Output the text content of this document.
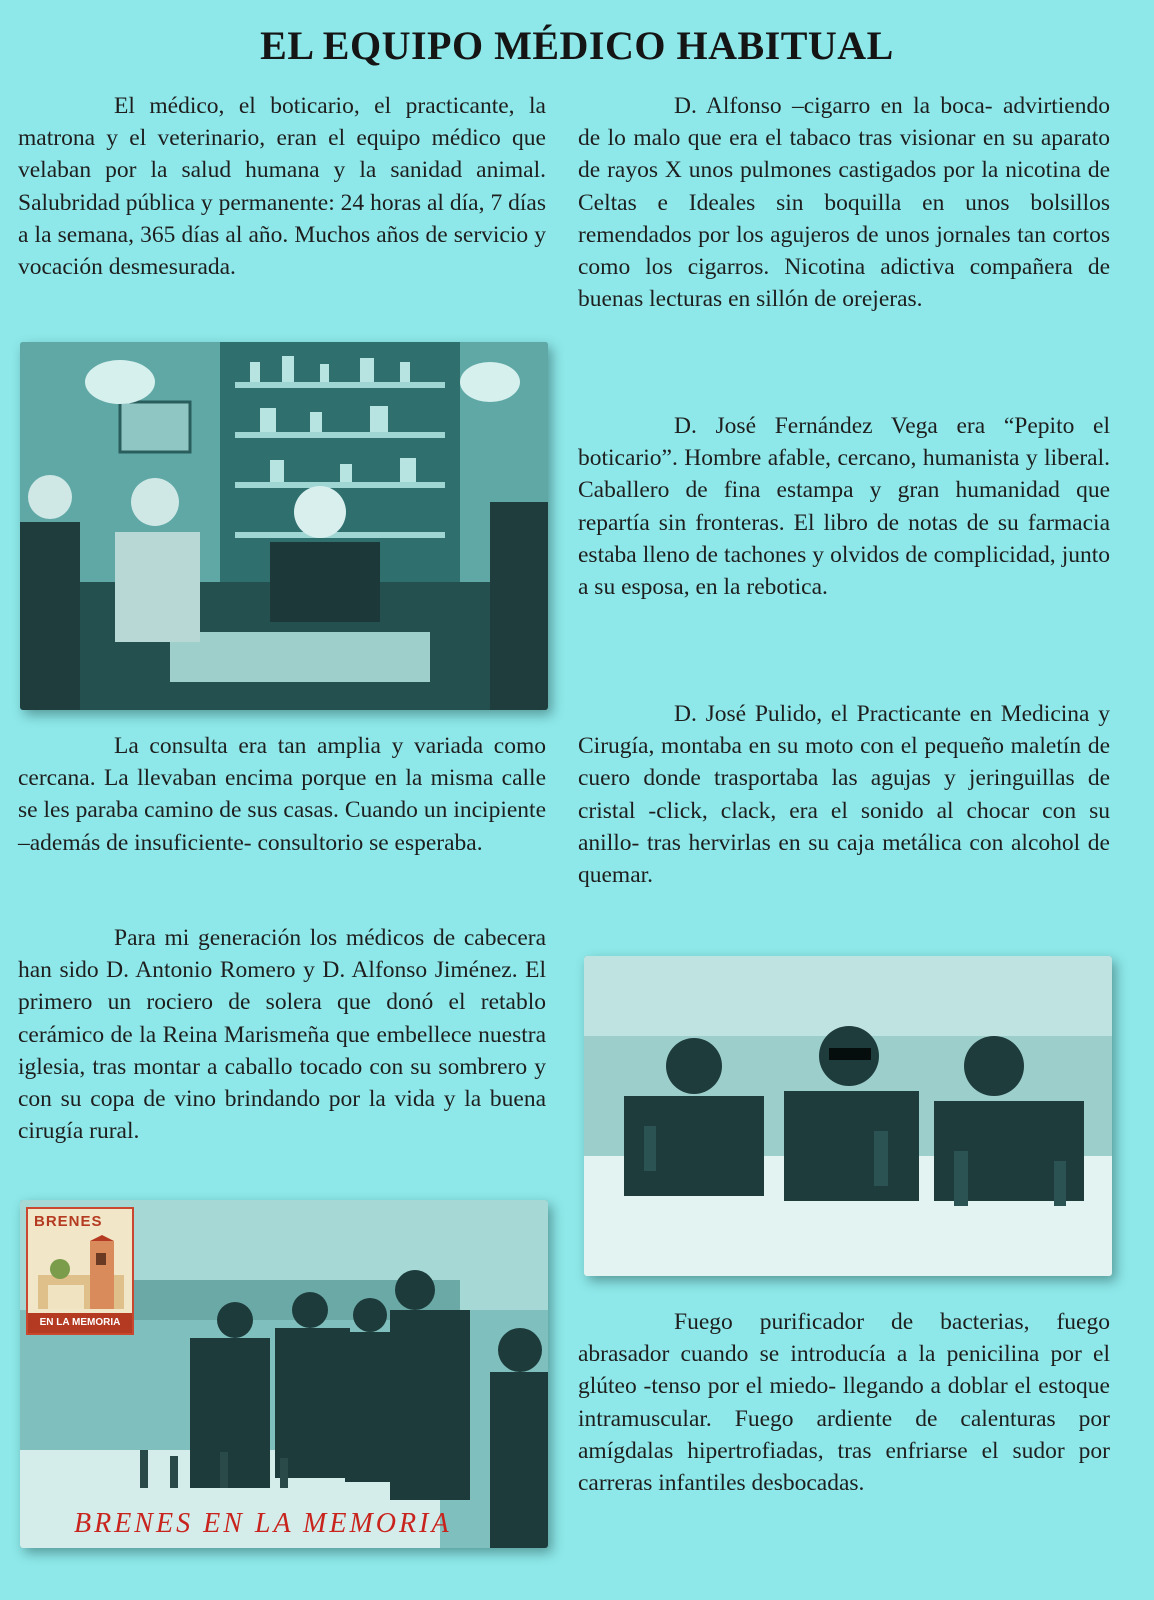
EL EQUIPO MÉDICO HABITUAL

El médico, el boticario, el practicante, la matrona y el veterinario, eran el equipo médico que velaban por la salud humana y la sanidad animal. Salubridad pública y permanente: 24 horas al día, 7 días a la semana, 365 días al año. Muchos años de servicio y vocación desmesurada.

La consulta era tan amplia y variada como cercana. La llevaban encima porque en la misma calle se les paraba camino de sus casas. Cuando un incipiente –además de insuficiente- consultorio se esperaba.

Para mi generación los médicos de cabecera han sido D. Antonio Romero y D. Alfonso Jiménez. El primero un rociero de solera que donó el retablo cerámico de la Reina Marismeña que embellece nuestra iglesia, tras montar a caballo tocado con su sombrero y con su copa de vino brindando por la vida y la buena cirugía rural.

BRENES
EN LA MEMORIA
BRENES EN LA MEMORIA

D. Alfonso –cigarro en la boca- advirtiendo de lo malo que era el tabaco tras visionar en su aparato de rayos X unos pulmones castigados por la nicotina de Celtas e Ideales sin boquilla en unos bolsillos remendados por los agujeros de unos jornales tan cortos como los cigarros. Nicotina adictiva compañera de buenas lecturas en sillón de orejeras.

D. José Fernández Vega era “Pepito el boticario”. Hombre afable, cercano, humanista y liberal. Caballero de fina estampa y gran humanidad que repartía sin fronteras. El libro de notas de su farmacia estaba lleno de tachones y olvidos de complicidad, junto a su esposa, en la rebotica.

D. José Pulido, el Practicante en Medicina y Cirugía, montaba en su moto con el pequeño maletín de cuero donde trasportaba las agujas y jeringuillas de cristal -click, clack, era el sonido al chocar con su anillo- tras hervirlas en su caja metálica con alcohol de quemar.

Fuego purificador de bacterias, fuego abrasador cuando se introducía a la penicilina por el glúteo -tenso por el miedo- llegando a doblar el estoque intramuscular. Fuego ardiente de calenturas por amígdalas hipertrofiadas, tras enfriarse el sudor por carreras infantiles desbocadas.
